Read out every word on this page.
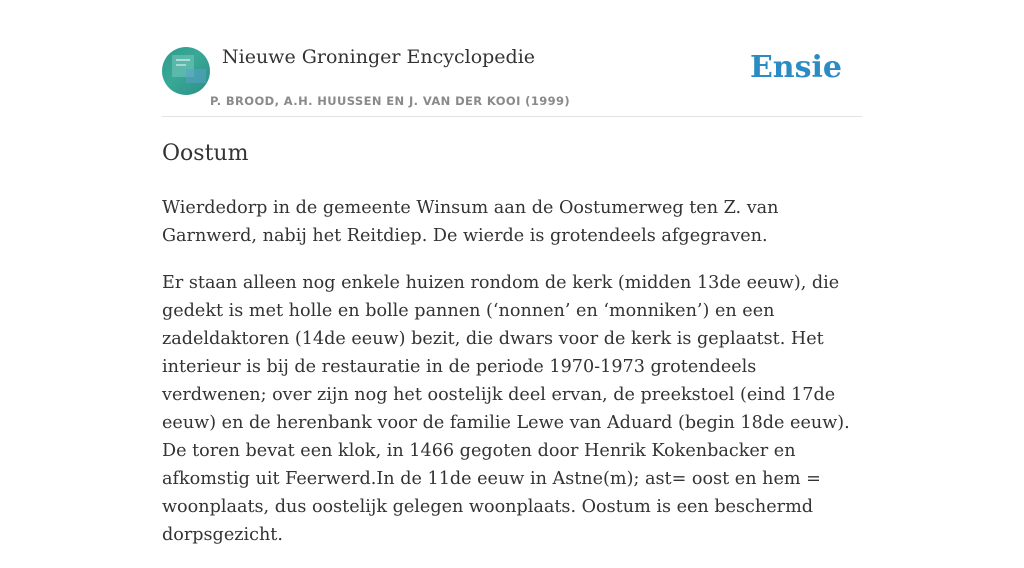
Nieuwe Groninger Encyclopedie
P. BROOD, A.H. HUUSSEN EN J. VAN DER KOOI (1999)
Ensie
Oostum

Wierdedorp in de gemeente Winsum aan de Oostumerweg ten Z. van Garnwerd, nabij het Reitdiep. De wierde is grotendeels afgegraven.

Er staan alleen nog enkele huizen rondom de kerk (midden 13de eeuw), die gedekt is met holle en bolle pannen (‘nonnen’ en ‘monniken’) en een zadeldaktoren (14de eeuw) bezit, die dwars voor de kerk is geplaatst. Het interieur is bij de restauratie in de periode 1970-1973 grotendeels verdwenen; over zijn nog het oostelijk deel ervan, de preekstoel (eind 17de eeuw) en de herenbank voor de familie Lewe van Aduard (begin 18de eeuw). De toren bevat een klok, in 1466 gegoten door Henrik Kokenbacker en afkomstig uit Feerwerd.In de 11de eeuw in Astne(m); ast= oost en hem = woonplaats, dus oostelijk gelegen woonplaats. Oostum is een beschermd dorpsgezicht.
